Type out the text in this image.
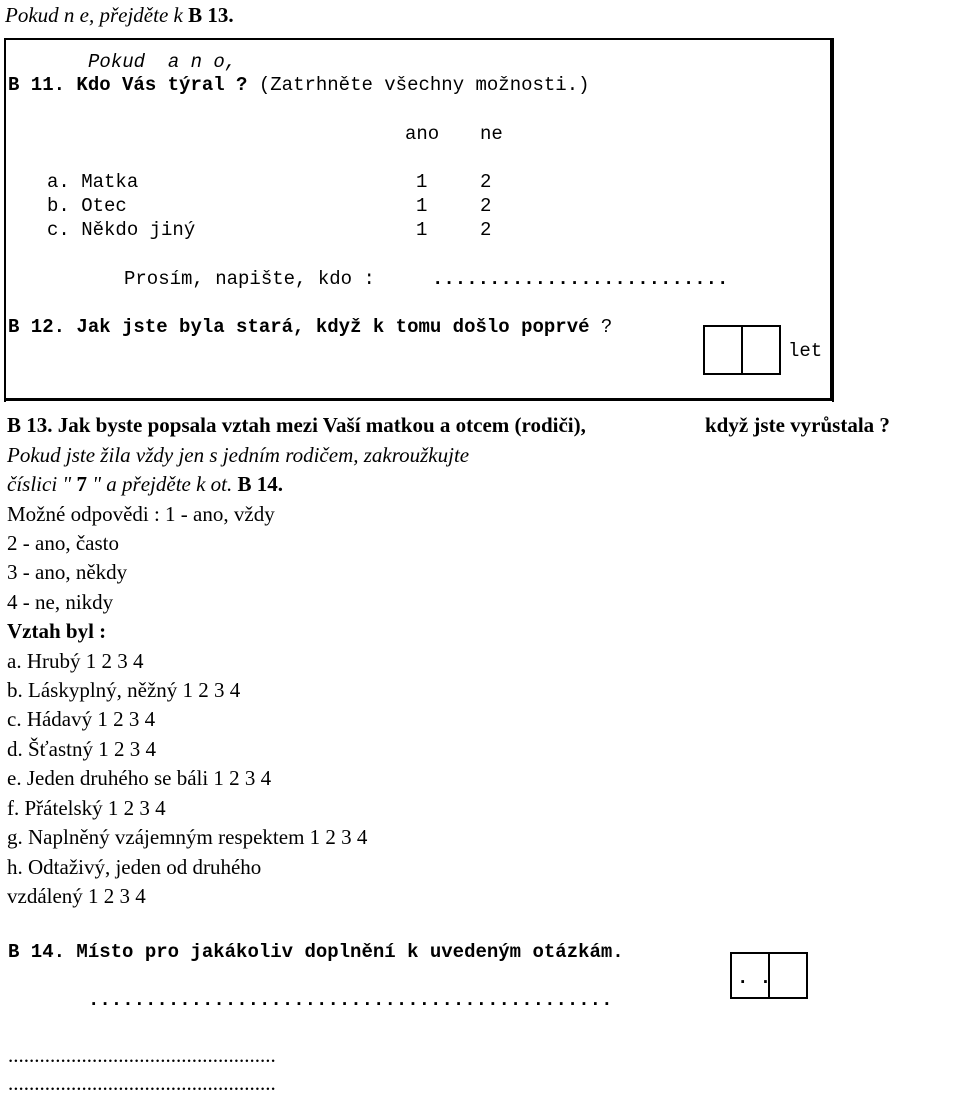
Pokud n e, přejděte k B 13.
Pokud  a n o,
B 11. Kdo Vás týral ? (Zatrhněte všechny možnosti.)
ano ne
a. Matka	1	2
b. Otec	1	2
c. Někdo jiný	1	2
Prosím, napište, kdo :	..........................
B 12. Jak jste byla stará, když k tomu došlo poprvé ?
let
B 13. Jak byste popsala vztah mezi Vaší matkou a otcem (rodiči),	když jste vyrůstala ?
Pokud jste žila vždy jen s jedním rodičem, zakroužkujte
číslici " 7 " a přejděte k ot. B 14.
Možné odpovědi : 1 - ano, vždy
2 - ano, často
3 - ano, někdy
4 - ne, nikdy
Vztah byl :
a. Hrubý 1 2 3 4
b. Láskyplný, něžný 1 2 3 4
c. Hádavý 1 2 3 4
d. Šťastný 1 2 3 4
e. Jeden druhého se báli 1 2 3 4
f. Přátelský 1 2 3 4
g. Naplněný vzájemným respektem 1 2 3 4
h. Odtaživý, jeden od druhého
vzdálený 1 2 3 4
B 14. Místo pro jakákoliv doplnění k uvedeným otázkám.
. .
..............................................
...................................................
...................................................
